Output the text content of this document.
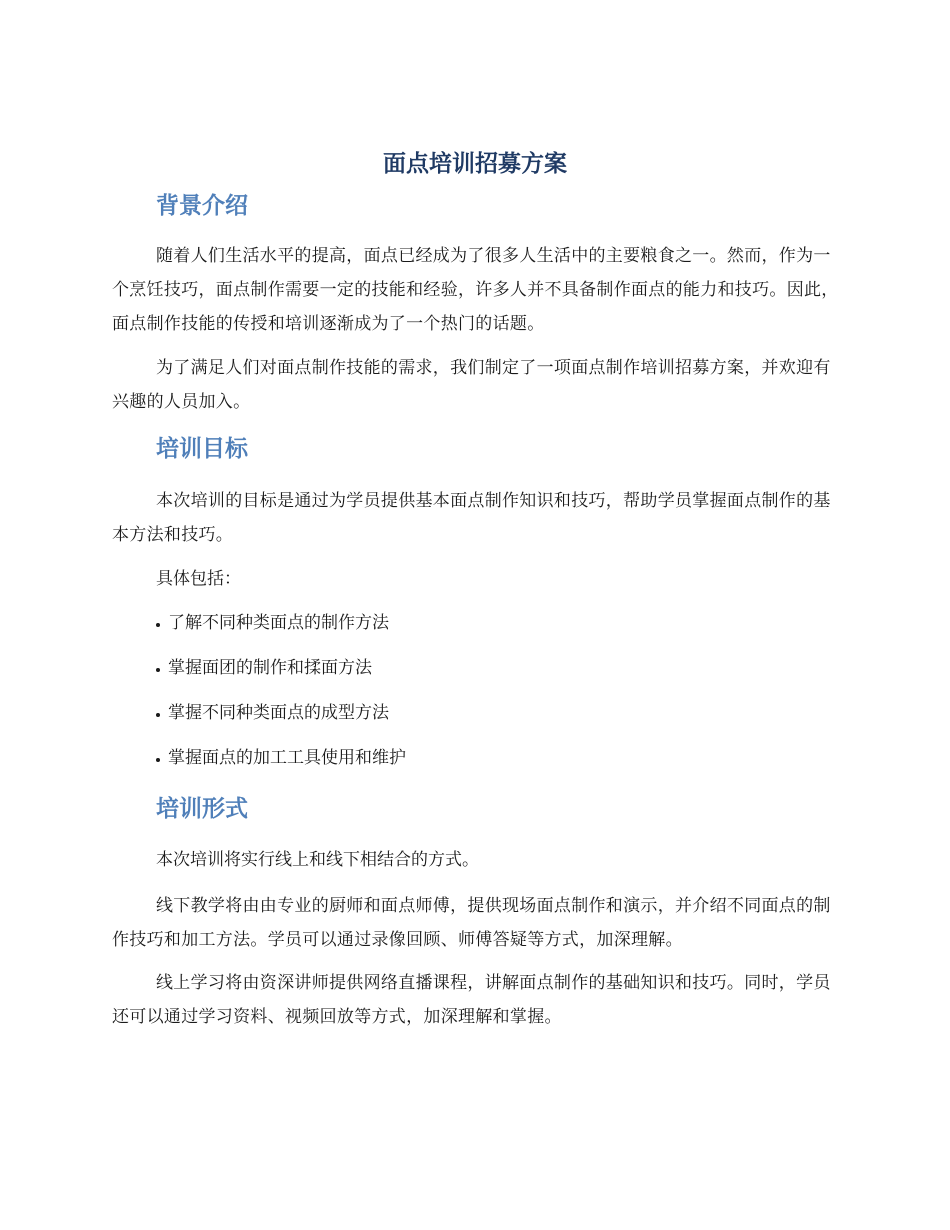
面点培训招募方案
背景介绍

随着人们生活水平的提高，面点已经成为了很多人生活中的主要粮食之一。然而，作为一个烹饪技巧，面点制作需要一定的技能和经验，许多人并不具备制作面点的能力和技巧。因此，面点制作技能的传授和培训逐渐成为了一个热门的话题。

为了满足人们对面点制作技能的需求，我们制定了一项面点制作培训招募方案，并欢迎有兴趣的人员加入。

培训目标

本次培训的目标是通过为学员提供基本面点制作知识和技巧，帮助学员掌握面点制作的基本方法和技巧。

具体包括：

了解不同种类面点的制作方法
掌握面团的制作和揉面方法
掌握不同种类面点的成型方法
掌握面点的加工工具使用和维护
培训形式

本次培训将实行线上和线下相结合的方式。

线下教学将由由专业的厨师和面点师傅，提供现场面点制作和演示，并介绍不同面点的制作技巧和加工方法。学员可以通过录像回顾、师傅答疑等方式，加深理解。

线上学习将由资深讲师提供网络直播课程，讲解面点制作的基础知识和技巧。同时，学员还可以通过学习资料、视频回放等方式，加深理解和掌握。
